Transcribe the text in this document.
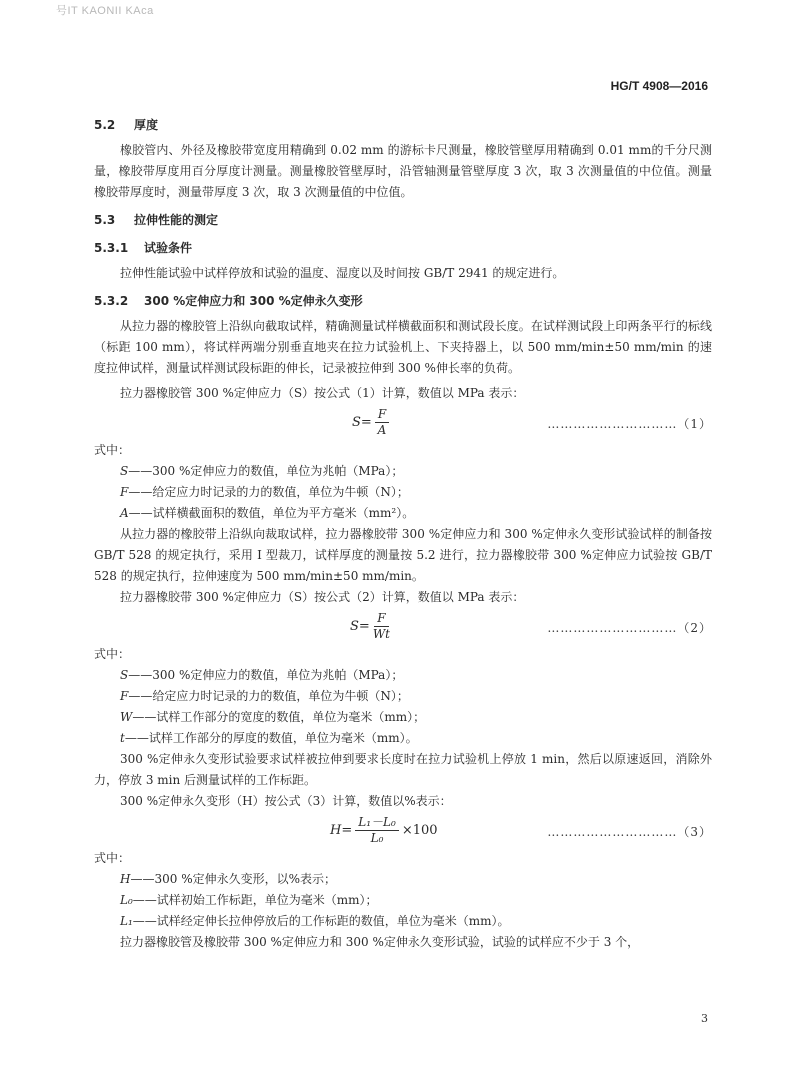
号IT KAONII KAca
HG/T 4908—2016
5.2 厚度

橡胶管内、外径及橡胶带宽度用精确到 0.02 mm 的游标卡尺测量，橡胶管壁厚用精确到 0.01 mm的千分尺测量，橡胶带厚度用百分厚度计测量。测量橡胶管壁厚时，沿管轴测量管壁厚度 3 次，取 3 次测量值的中位值。测量橡胶带厚度时，测量带厚度 3 次，取 3 次测量值的中位值。

5.3 拉伸性能的测定
5.3.1 试验条件

拉伸性能试验中试样停放和试验的温度、湿度以及时间按 GB/T 2941 的规定进行。

5.3.2 300 %定伸应力和 300 %定伸永久变形

从拉力器的橡胶管上沿纵向截取试样，精确测量试样横截面积和测试段长度。在试样测试段上印两条平行的标线（标距 100 mm），将试样两端分别垂直地夹在拉力试验机上、下夹持器上，以 500 mm/min±50 mm/min 的速度拉伸试样，测量试样测试段标距的伸长，记录被拉伸到 300 %伸长率的负荷。

拉力器橡胶管 300 %定伸应力（S）按公式（1）计算，数值以 MPa 表示：

$S = \frac{F}{A}$	…………………………（1）

式中：

S——300 %定伸应力的数值，单位为兆帕（MPa）；

F——给定应力时记录的力的数值，单位为牛顿（N）；

A——试样横截面积的数值，单位为平方毫米（mm²）。

从拉力器的橡胶带上沿纵向裁取试样，拉力器橡胶带 300 %定伸应力和 300 %定伸永久变形试验试样的制备按 GB/T 528 的规定执行，采用 I 型裁刀，试样厚度的测量按 5.2 进行，拉力器橡胶带 300 %定伸应力试验按 GB/T 528 的规定执行，拉伸速度为 500 mm/min±50 mm/min。

拉力器橡胶带 300 %定伸应力（S）按公式（2）计算，数值以 MPa 表示：

$S = \frac{F}{Wt}$	…………………………（2）

式中：

S——300 %定伸应力的数值，单位为兆帕（MPa）；

F——给定应力时记录的力的数值，单位为牛顿（N）；

W——试样工作部分的宽度的数值，单位为毫米（mm）；

t——试样工作部分的厚度的数值，单位为毫米（mm）。

300 %定伸永久变形试验要求试样被拉伸到要求长度时在拉力试验机上停放 1 min，然后以原速返回，消除外力，停放 3 min 后测量试样的工作标距。

300 %定伸永久变形（H）按公式（3）计算，数值以%表示：

$H = \frac{\text{L₁－L₀}}{\text{L₀}} \times 100$	…………………………（3）

式中：

H——300 %定伸永久变形，以%表示；

L₀——试样初始工作标距，单位为毫米（mm）；

L₁——试样经定伸长拉伸停放后的工作标距的数值，单位为毫米（mm）。

拉力器橡胶管及橡胶带 300 %定伸应力和 300 %定伸永久变形试验，试验的试样应不少于 3 个，

3
